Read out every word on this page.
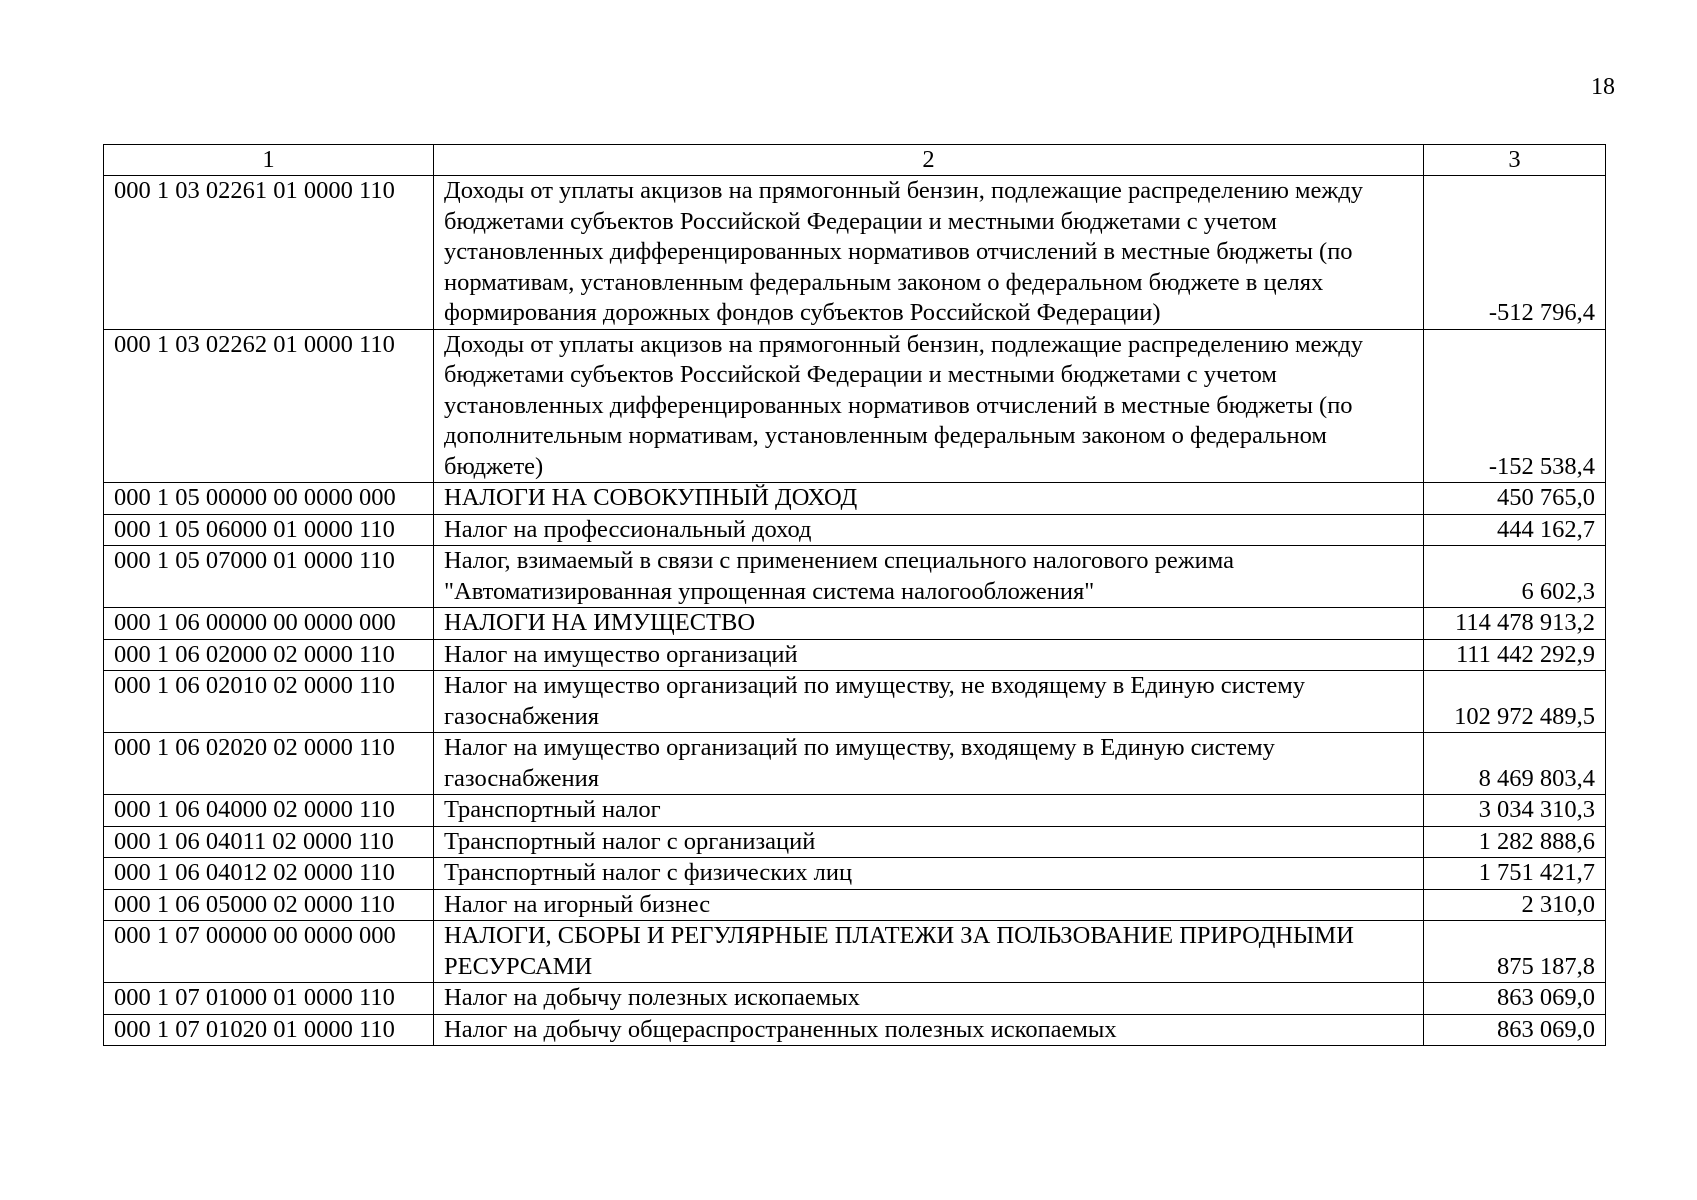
18
1	2	3
000 1 03 02261 01 0000 110	Доходы от уплаты акцизов на прямогонный бензин, подлежащие распределению между бюджетами субъектов Российской Федерации и местными бюджетами с учетом установленных дифференцированных нормативов отчислений в местные бюджеты (по нормативам, установленным федеральным законом о федеральном бюджете в целях формирования дорожных фондов субъектов Российской Федерации)	-512 796,4
000 1 03 02262 01 0000 110	Доходы от уплаты акцизов на прямогонный бензин, подлежащие распределению между бюджетами субъектов Российской Федерации и местными бюджетами с учетом установленных дифференцированных нормативов отчислений в местные бюджеты (по дополнительным нормативам, установленным федеральным законом о федеральном бюджете)	-152 538,4
000 1 05 00000 00 0000 000	НАЛОГИ НА СОВОКУПНЫЙ ДОХОД	450 765,0
000 1 05 06000 01 0000 110	Налог на профессиональный доход	444 162,7
000 1 05 07000 01 0000 110	Налог, взимаемый в связи с применением специального налогового режима "Автоматизированная упрощенная система налогообложения"	6 602,3
000 1 06 00000 00 0000 000	НАЛОГИ НА ИМУЩЕСТВО	114 478 913,2
000 1 06 02000 02 0000 110	Налог на имущество организаций	111 442 292,9
000 1 06 02010 02 0000 110	Налог на имущество организаций по имуществу, не входящему в Единую систему газоснабжения	102 972 489,5
000 1 06 02020 02 0000 110	Налог на имущество организаций по имуществу, входящему в Единую систему газоснабжения	8 469 803,4
000 1 06 04000 02 0000 110	Транспортный налог	3 034 310,3
000 1 06 04011 02 0000 110	Транспортный налог с организаций	1 282 888,6
000 1 06 04012 02 0000 110	Транспортный налог с физических лиц	1 751 421,7
000 1 06 05000 02 0000 110	Налог на игорный бизнес	2 310,0
000 1 07 00000 00 0000 000	НАЛОГИ, СБОРЫ И РЕГУЛЯРНЫЕ ПЛАТЕЖИ ЗА ПОЛЬЗОВАНИЕ ПРИРОДНЫМИ РЕСУРСАМИ	875 187,8
000 1 07 01000 01 0000 110	Налог на добычу полезных ископаемых	863 069,0
000 1 07 01020 01 0000 110	Налог на добычу общераспространенных полезных ископаемых	863 069,0
